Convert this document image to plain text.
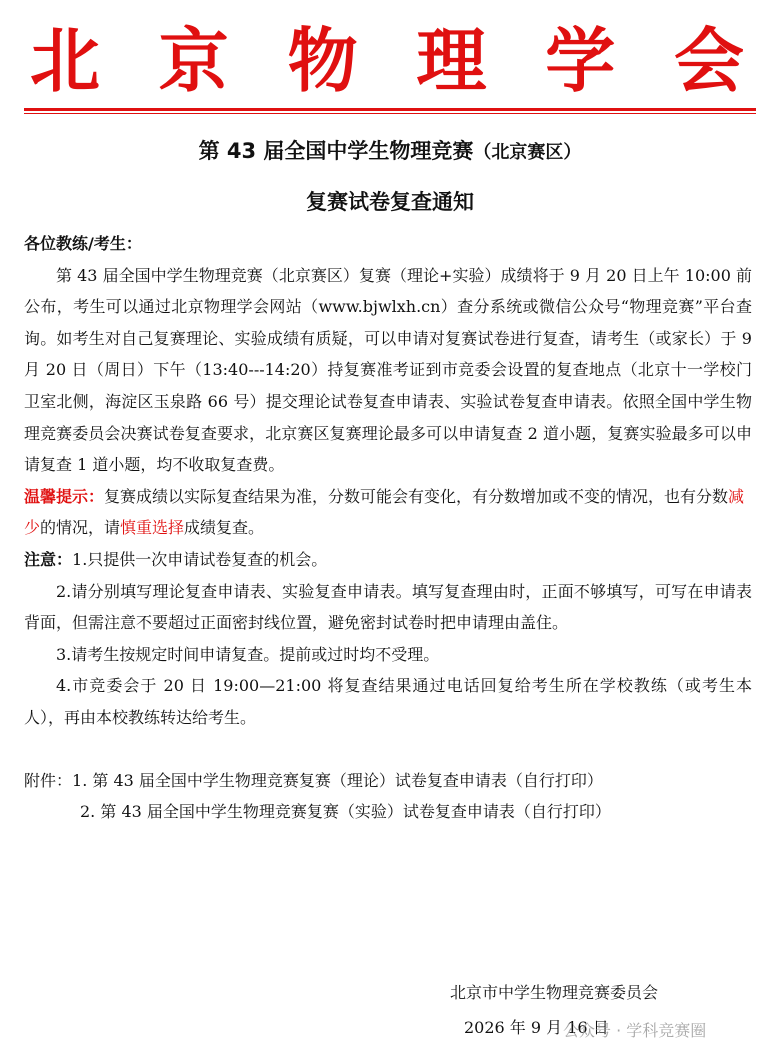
北 京 物 理 学 会
第 43 届全国中学生物理竞赛（北京赛区）
复赛试卷复查通知

各位教练/考生：

第 43 届全国中学生物理竞赛（北京赛区）复赛（理论+实验）成绩将于 9 月 20 日上午 10:00 前公布，考生可以通过北京物理学会网站（www.bjwlxh.cn）查分系统或微信公众号“物理竞赛”平台查询。如考生对自己复赛理论、实验成绩有质疑，可以申请对复赛试卷进行复查，请考生（或家长）于 9 月 20 日（周日）下午（13:40---14:20）持复赛准考证到市竞委会设置的复查地点（北京十一学校门卫室北侧，海淀区玉泉路 66 号）提交理论试卷复查申请表、实验试卷复查申请表。依照全国中学生物理竞赛委员会决赛试卷复查要求，北京赛区复赛理论最多可以申请复查 2 道小题，复赛实验最多可以申请复查 1 道小题，均不收取复查费。

温馨提示：复赛成绩以实际复查结果为准，分数可能会有变化，有分数增加或不变的情况，也有分数减少的情况，请慎重选择成绩复查。

注意：1.只提供一次申请试卷复查的机会。

2.请分别填写理论复查申请表、实验复查申请表。填写复查理由时，正面不够填写，可写在申请表背面，但需注意不要超过正面密封线位置，避免密封试卷时把申请理由盖住。

3.请考生按规定时间申请复查。提前或过时均不受理。

4.市竞委会于 20 日 19:00—21:00 将复查结果通过电话回复给考生所在学校教练（或考生本人），再由本校教练转达给考生。

附件：1. 第 43 届全国中学生物理竞赛复赛（理论）试卷复查申请表（自行打印）

2. 第 43 届全国中学生物理竞赛复赛（实验）试卷复查申请表（自行打印）

北京市中学生物理竞赛委员会
2026 年 9 月 16 日
公众号 · 学科竞赛圈
